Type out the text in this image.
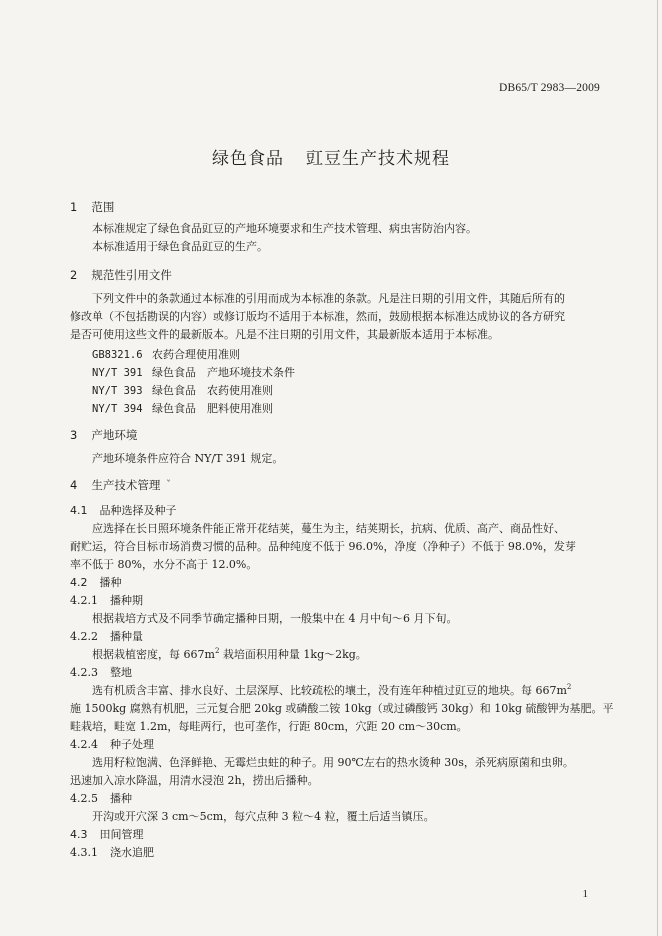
DB65/T 2983—2009
绿色食品 豇豆生产技术规程
ˇ
1 范围
本标准规定了绿色食品豇豆的产地环境要求和生产技术管理、病虫害防治内容。
本标准适用于绿色食品豇豆的生产。
2 规范性引用文件
下列文件中的条款通过本标准的引用而成为本标准的条款。凡是注日期的引用文件，其随后所有的
修改单（不包括勘误的内容）或修订版均不适用于本标准，然而，鼓励根据本标准达成协议的各方研究
是否可使用这些文件的最新版本。凡是不注日期的引用文件，其最新版本适用于本标准。
GB8321.6 农药合理使用准则
NY/T 391 绿色食品　产地环境技术条件
NY/T 393 绿色食品　农药使用准则
NY/T 394 绿色食品　肥料使用准则
3 产地环境
产地环境条件应符合 NY/T 391 规定。
4 生产技术管理
4.1 品种选择及种子
应选择在长日照环境条件能正常开花结荚，蔓生为主，结荚期长，抗病、优质、高产、商品性好、
耐贮运，符合目标市场消费习惯的品种。品种纯度不低于 96.0%，净度（净种子）不低于 98.0%，发芽
率不低于 80%，水分不高于 12.0%。
4.2 播种
4.2.1 播种期
根据栽培方式及不同季节确定播种日期，一般集中在 4 月中旬～6 月下旬。
4.2.2 播种量
根据栽植密度，每 $667m^2$ 栽培面积用种量 1kg～2kg。
4.2.3 整地
选有机质含丰富、排水良好、土层深厚、比较疏松的壤土，没有连年种植过豇豆的地块。每 $667m^2$
施 1500kg 腐熟有机肥，三元复合肥 20kg 或磷酸二铵 10kg（或过磷酸钙 30kg）和 10kg 硫酸钾为基肥。平
畦栽培，畦宽 1.2m，每畦两行，也可垄作，行距 80cm，穴距 20 cm～30cm。
4.2.4 种子处理
选用籽粒饱满、色泽鲜艳、无霉烂虫蛀的种子。用 90℃左右的热水烫种 30s，杀死病原菌和虫卵。
迅速加入凉水降温，用清水浸泡 2h，捞出后播种。
4.2.5 播种
开沟或开穴深 3 cm～5cm，每穴点种 3 粒～4 粒，覆土后适当镇压。
4.3 田间管理
4.3.1 浇水追肥
1
